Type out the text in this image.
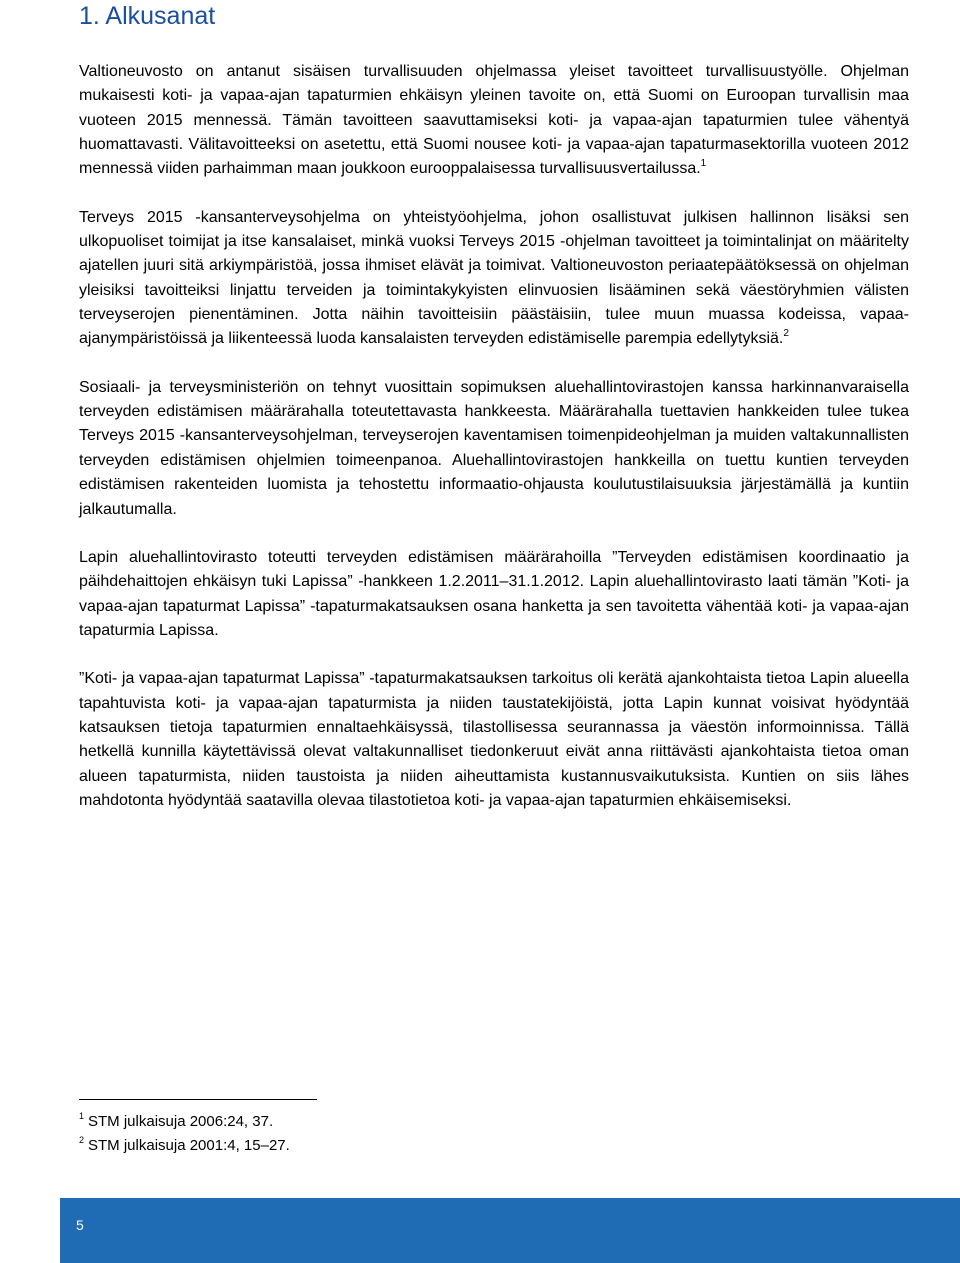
1. Alkusanat

Valtioneuvosto on antanut sisäisen turvallisuuden ohjelmassa yleiset tavoitteet turvallisuustyölle. Ohjelman mukaisesti koti- ja vapaa-ajan tapaturmien ehkäisyn yleinen tavoite on, että Suomi on Euroopan turvallisin maa vuoteen 2015 mennessä. Tämän tavoitteen saavuttamiseksi koti- ja vapaa-ajan tapaturmien tulee vähentyä huomattavasti. Välitavoitteeksi on asetettu, että Suomi nousee koti- ja vapaa-ajan tapaturmasektorilla vuoteen 2012 mennessä viiden parhaimman maan joukkoon eurooppalaisessa turvallisuusvertailussa.$^1$

Terveys 2015 -kansanterveysohjelma on yhteistyöohjelma, johon osallistuvat julkisen hallinnon lisäksi sen ulkopuoliset toimijat ja itse kansalaiset, minkä vuoksi Terveys 2015 -ohjelman tavoitteet ja toimintalinjat on määritelty ajatellen juuri sitä arkiympäristöä, jossa ihmiset elävät ja toimivat. Valtioneuvoston periaatepäätöksessä on ohjelman yleisiksi tavoitteiksi linjattu terveiden ja toimintakykyisten elinvuosien lisääminen sekä väestöryhmien välisten terveyserojen pienentäminen. Jotta näihin tavoitteisiin päästäisiin, tulee muun muassa kodeissa, vapaa-ajanympäristöissä ja liikenteessä luoda kansalaisten terveyden edistämiselle parempia edellytyksiä.$^2$

Sosiaali- ja terveysministeriön on tehnyt vuosittain sopimuksen aluehallintovirastojen kanssa harkinnanvaraisella terveyden edistämisen määrärahalla toteutettavasta hankkeesta. Määrärahalla tuettavien hankkeiden tulee tukea Terveys 2015 -kansanterveysohjelman, terveyserojen kaventamisen toimenpideohjelman ja muiden valtakunnallisten terveyden edistämisen ohjelmien toimeenpanoa. Aluehallintovirastojen hankkeilla on tuettu kuntien terveyden edistämisen rakenteiden luomista ja tehostettu informaatio-ohjausta koulutustilaisuuksia järjestämällä ja kuntiin jalkautumalla.

Lapin aluehallintovirasto toteutti terveyden edistämisen määrärahoilla ”Terveyden edistämisen koordinaatio ja päihdehaittojen ehkäisyn tuki Lapissa” -hankkeen 1.2.2011–31.1.2012. Lapin aluehallintovirasto laati tämän ”Koti- ja vapaa-ajan tapaturmat Lapissa” -tapaturmakatsauksen osana hanketta ja sen tavoitetta vähentää koti- ja vapaa-ajan tapaturmia Lapissa.

”Koti- ja vapaa-ajan tapaturmat Lapissa” -tapaturmakatsauksen tarkoitus oli kerätä ajankohtaista tietoa Lapin alueella tapahtuvista koti- ja vapaa-ajan tapaturmista ja niiden taustatekijöistä, jotta Lapin kunnat voisivat hyödyntää katsauksen tietoja tapaturmien ennaltaehkäisyssä, tilastollisessa seurannassa ja väestön informoinnissa. Tällä hetkellä kunnilla käytettävissä olevat valtakunnalliset tiedonkeruut eivät anna riittävästi ajankohtaista tietoa oman alueen tapaturmista, niiden taustoista ja niiden aiheuttamista kustannusvaikutuksista. Kuntien on siis lähes mahdotonta hyödyntää saatavilla olevaa tilastotietoa koti- ja vapaa-ajan tapaturmien ehkäisemiseksi.

$^1$ STM julkaisuja 2006:24, 37.

$^2$ STM julkaisuja 2001:4, 15–27.

5
